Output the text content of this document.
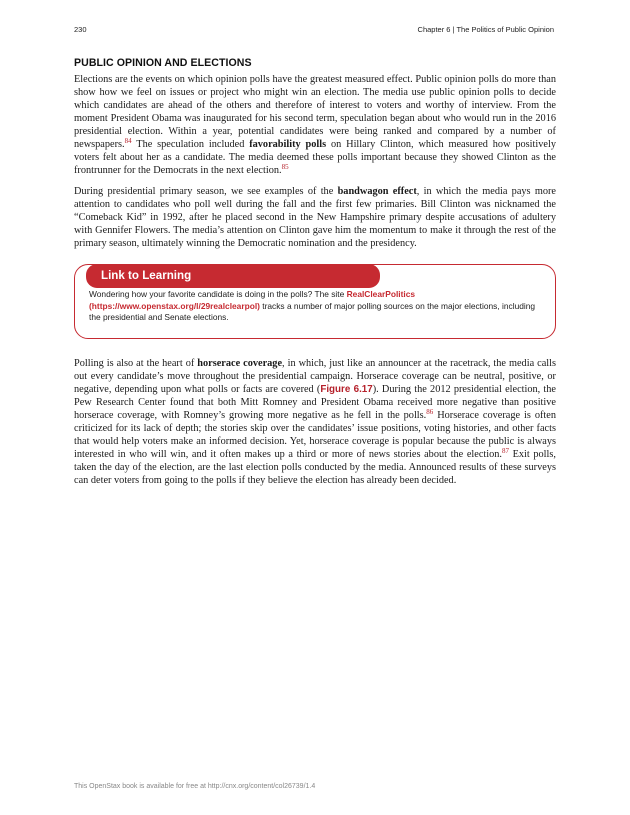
230	Chapter 6 | The Politics of Public Opinion
PUBLIC OPINION AND ELECTIONS

Elections are the events on which opinion polls have the greatest measured effect. Public opinion polls do more than show how we feel on issues or project who might win an election. The media use public opinion polls to decide which candidates are ahead of the others and therefore of interest to voters and worthy of interview. From the moment President Obama was inaugurated for his second term, speculation began about who would run in the 2016 presidential election. Within a year, potential candidates were being ranked and compared by a number of newspapers.$^{84}$ The speculation included favorability polls on Hillary Clinton, which measured how positively voters felt about her as a candidate. The media deemed these polls important because they showed Clinton as the frontrunner for the Democrats in the next election.$^{85}$

During presidential primary season, we see examples of the bandwagon effect, in which the media pays more attention to candidates who poll well during the fall and the first few primaries. Bill Clinton was nicknamed the “Comeback Kid” in 1992, after he placed second in the New Hampshire primary despite accusations of adultery with Gennifer Flowers. The media’s attention on Clinton gave him the momentum to make it through the rest of the primary season, ultimately winning the Democratic nomination and the presidency.

Link to Learning

Wondering how your favorite candidate is doing in the polls? The site RealClearPolitics (https://www.openstax.org/l/29realclearpol) tracks a number of major polling sources on the major elections, including the presidential and Senate elections.

Polling is also at the heart of horserace coverage, in which, just like an announcer at the racetrack, the media calls out every candidate’s move throughout the presidential campaign. Horserace coverage can be neutral, positive, or negative, depending upon what polls or facts are covered (Figure 6.17). During the 2012 presidential election, the Pew Research Center found that both Mitt Romney and President Obama received more negative than positive horserace coverage, with Romney’s growing more negative as he fell in the polls.$^{86}$ Horserace coverage is often criticized for its lack of depth; the stories skip over the candidates’ issue positions, voting histories, and other facts that would help voters make an informed decision. Yet, horserace coverage is popular because the public is always interested in who will win, and it often makes up a third or more of news stories about the election.$^{87}$ Exit polls, taken the day of the election, are the last election polls conducted by the media. Announced results of these surveys can deter voters from going to the polls if they believe the election has already been decided.

This OpenStax book is available for free at http://cnx.org/content/col26739/1.4
